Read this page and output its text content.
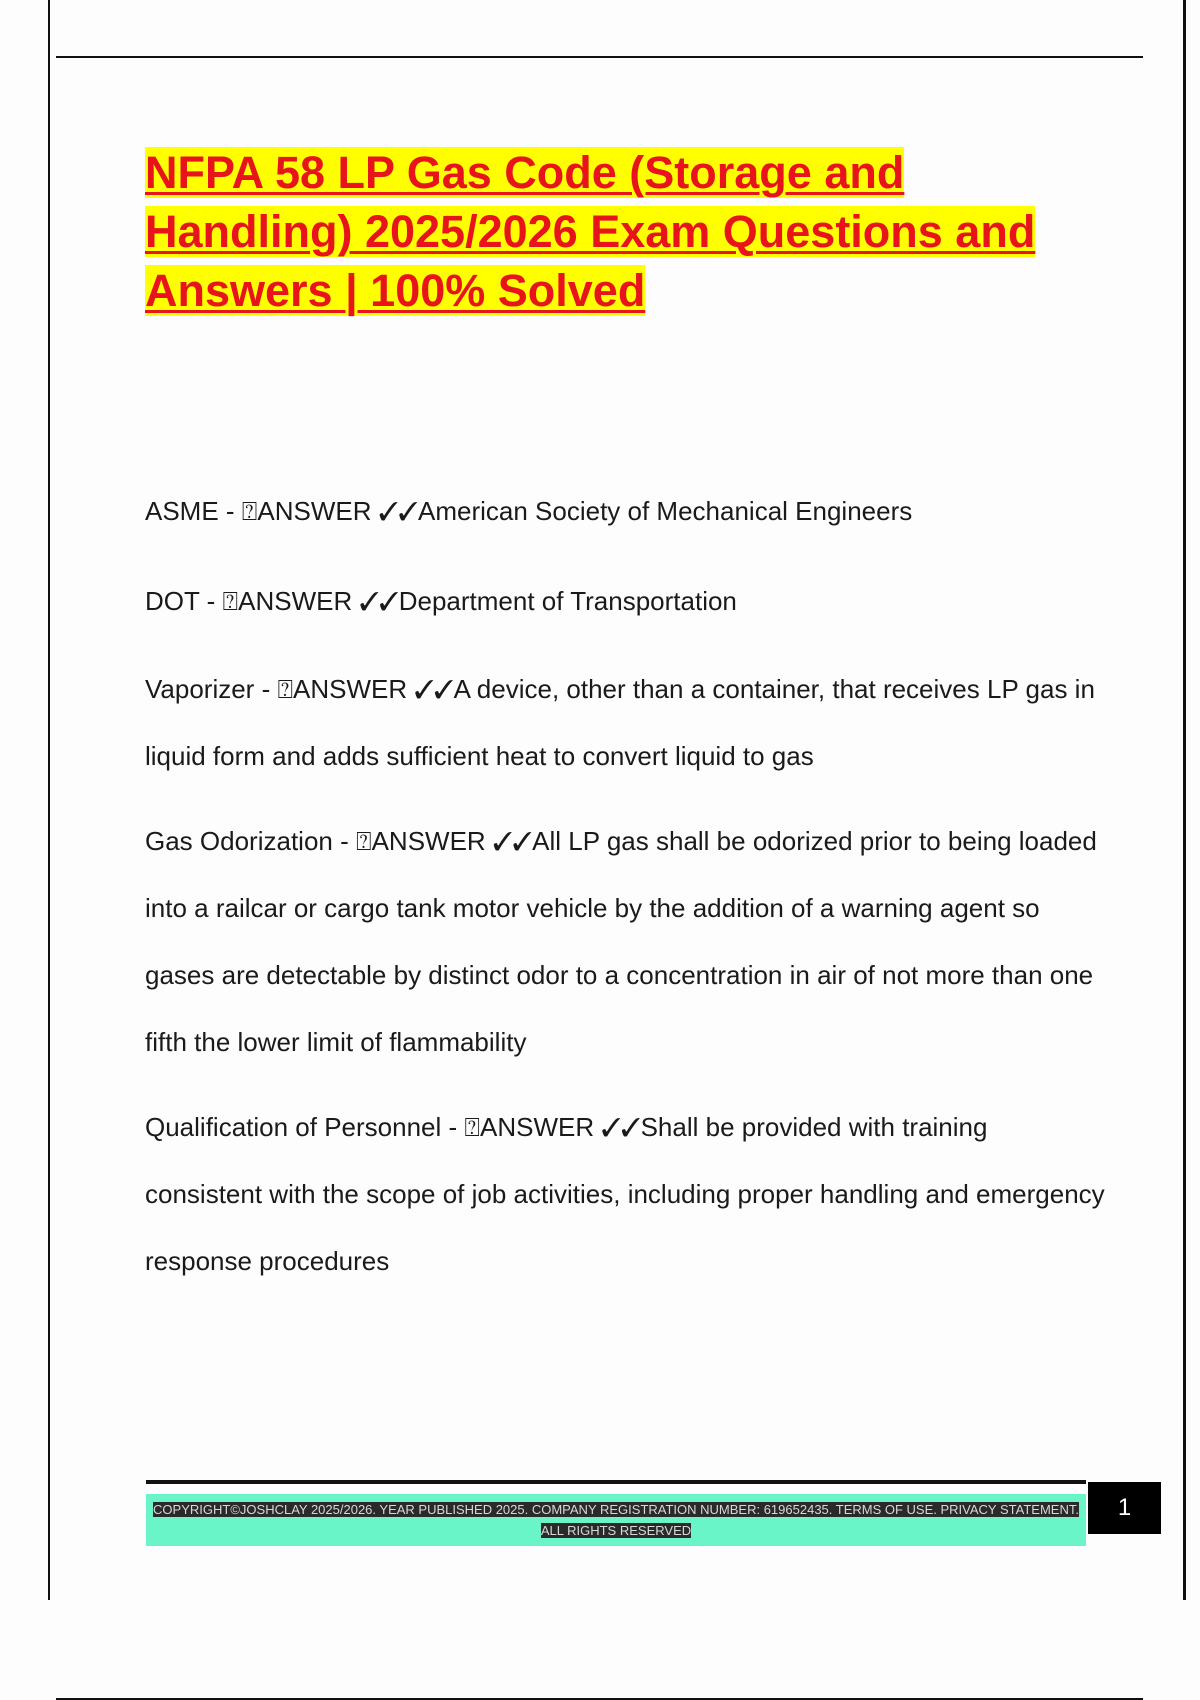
NFPA 58 LP Gas Code (Storage and Handling) 2025/2026 Exam Questions and Answers | 100% Solved

ASME - ⍰ANSWER ✓✓American Society of Mechanical Engineers

DOT - ⍰ANSWER ✓✓Department of Transportation

Vaporizer - ⍰ANSWER ✓✓A device, other than a container, that receives LP gas in liquid form and adds sufficient heat to convert liquid to gas

Gas Odorization - ⍰ANSWER ✓✓All LP gas shall be odorized prior to being loaded into a railcar or cargo tank motor vehicle by the addition of a warning agent so gases are detectable by distinct odor to a concentration in air of not more than one fifth the lower limit of flammability

Qualification of Personnel - ⍰ANSWER ✓✓Shall be provided with training consistent with the scope of job activities, including proper handling and emergency response procedures

COPYRIGHT©JOSHCLAY 2025/2026. YEAR PUBLISHED 2025. COMPANY REGISTRATION NUMBER: 619652435. TERMS OF USE. PRIVACY STATEMENT. ALL RIGHTS RESERVED
1
